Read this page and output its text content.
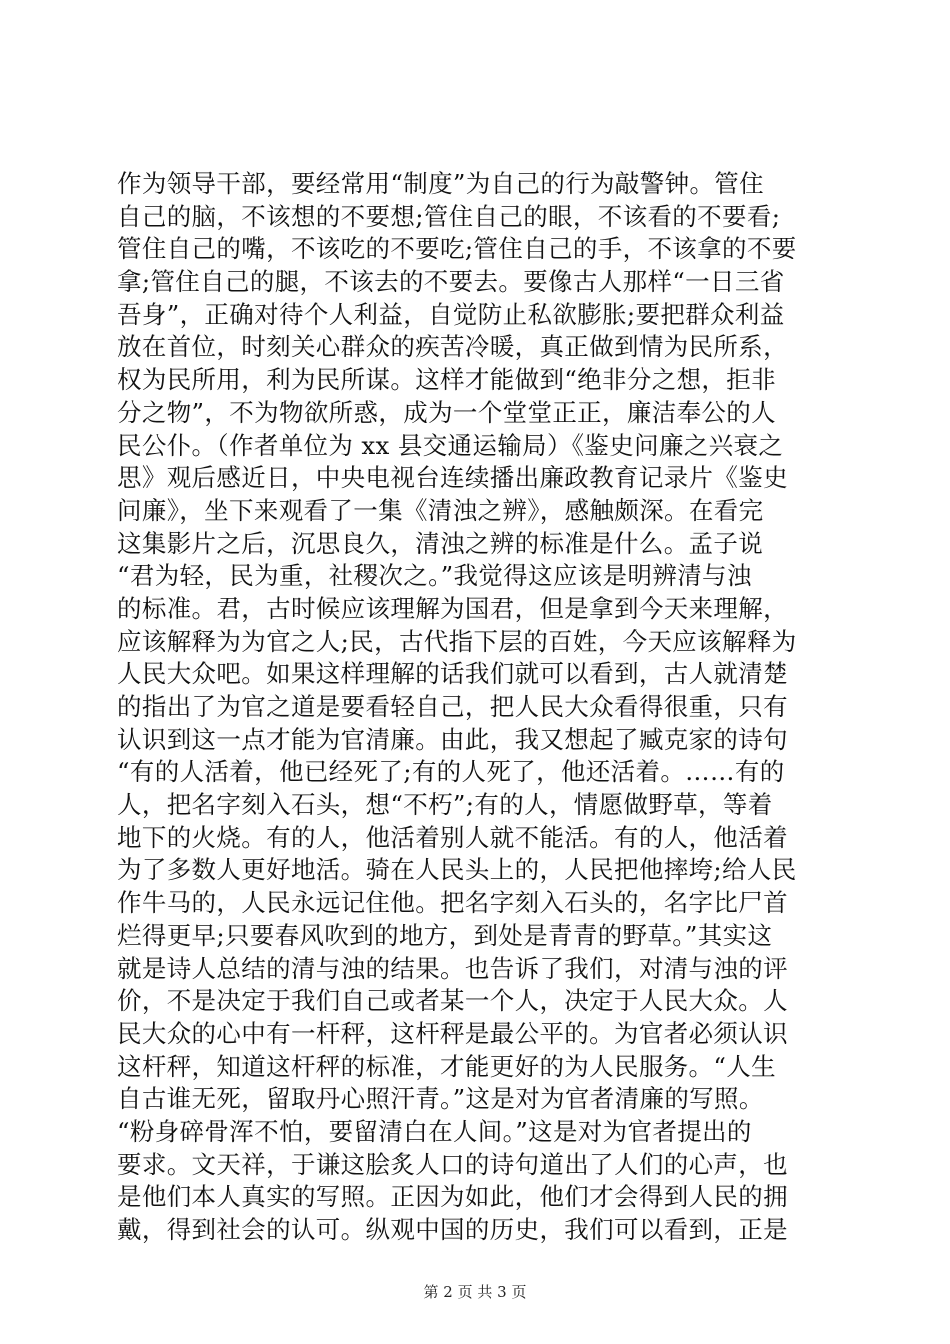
作为领导干部，要经常用“制度”为自己的行为敲警钟。管住
自己的脑，不该想的不要想;管住自己的眼，不该看的不要看;
管住自己的嘴，不该吃的不要吃;管住自己的手，不该拿的不要
拿;管住自己的腿，不该去的不要去。要像古人那样“一日三省
吾身”，正确对待个人利益，自觉防止私欲膨胀;要把群众利益
放在首位，时刻关心群众的疾苦冷暖，真正做到情为民所系，
权为民所用，利为民所谋。这样才能做到“绝非分之想，拒非
分之物”，不为物欲所惑，成为一个堂堂正正，廉洁奉公的人
民公仆。（作者单位为 xx 县交通运输局）《鉴史问廉之兴衰之
思》观后感近日，中央电视台连续播出廉政教育记录片《鉴史
问廉》，坐下来观看了一集《清浊之辨》，感触颇深。在看完
这集影片之后，沉思良久，清浊之辨的标准是什么。孟子说
“君为轻，民为重，社稷次之。”我觉得这应该是明辨清与浊
的标准。君，古时候应该理解为国君，但是拿到今天来理解，
应该解释为为官之人;民，古代指下层的百姓，今天应该解释为
人民大众吧。如果这样理解的话我们就可以看到，古人就清楚
的指出了为官之道是要看轻自己，把人民大众看得很重，只有
认识到这一点才能为官清廉。由此，我又想起了臧克家的诗句
“有的人活着，他已经死了;有的人死了，他还活着。……有的
人，把名字刻入石头，想“不朽”;有的人，情愿做野草，等着
地下的火烧。有的人，他活着别人就不能活。有的人，他活着
为了多数人更好地活。骑在人民头上的，人民把他摔垮;给人民
作牛马的，人民永远记住他。把名字刻入石头的，名字比尸首
烂得更早;只要春风吹到的地方，到处是青青的野草。”其实这
就是诗人总结的清与浊的结果。也告诉了我们，对清与浊的评
价，不是决定于我们自己或者某一个人，决定于人民大众。人
民大众的心中有一杆秤，这杆秤是最公平的。为官者必须认识
这杆秤，知道这杆秤的标准，才能更好的为人民服务。“人生
自古谁无死，留取丹心照汗青。”这是对为官者清廉的写照。
“粉身碎骨浑不怕，要留清白在人间。”这是对为官者提出的
要求。文天祥，于谦这脍炙人口的诗句道出了人们的心声，也
是他们本人真实的写照。正因为如此，他们才会得到人民的拥
戴，得到社会的认可。纵观中国的历史，我们可以看到，正是
第 2 页 共 3 页
